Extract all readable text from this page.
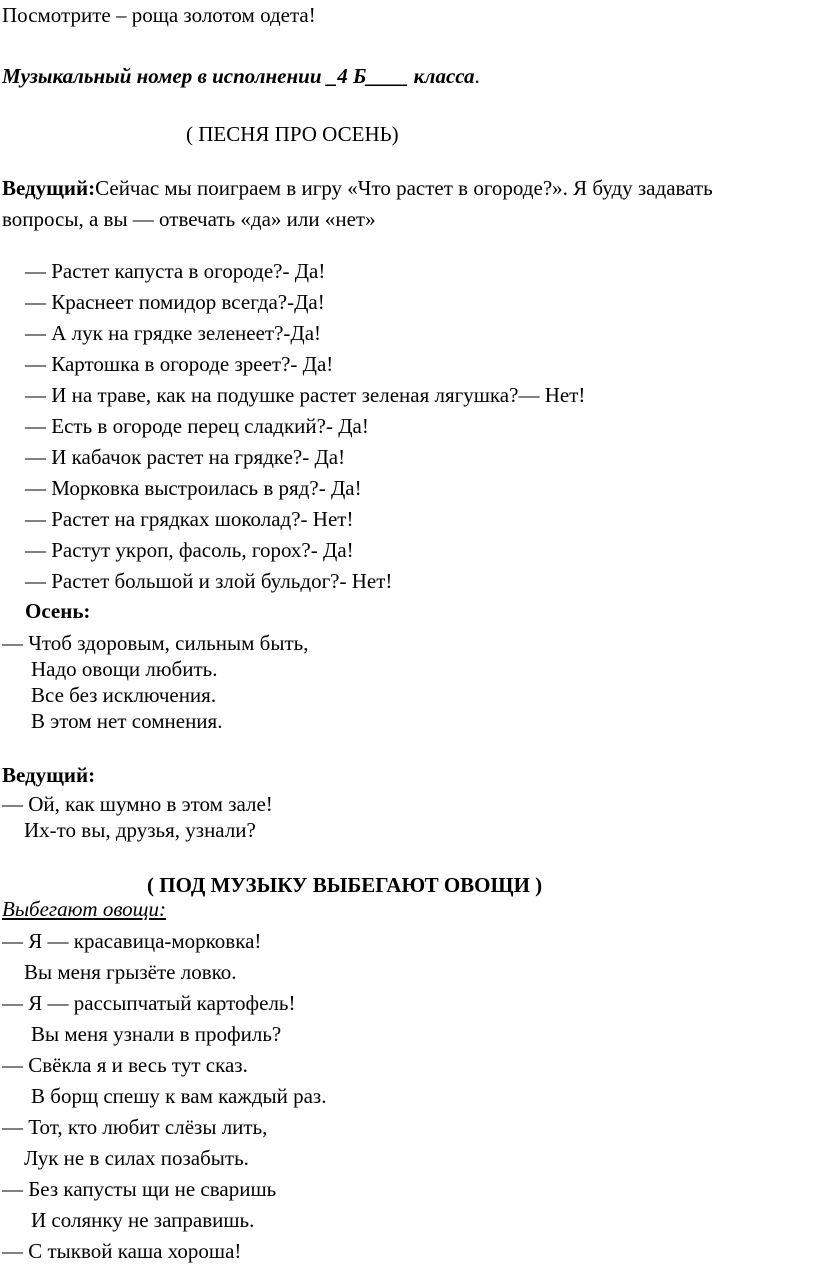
Посмотрите – роща золотом одета!

Музыкальный номер в исполнении _4 Б____ класса.

( ПЕСНЯ ПРО ОСЕНЬ)

Ведущий:Сейчас мы поиграем в игру «Что растет в огороде?». Я буду задавать

вопросы, а вы — отвечать «да» или «нет»

— Растет капуста в огороде?- Да!

— Краснеет помидор всегда?-Да!

— А лук на грядке зеленеет?-Да!

— Картошка в огороде зреет?- Да!

— И на траве, как на подушке растет зеленая лягушка?— Нет!

— Есть в огороде перец сладкий?- Да!

— И кабачок растет на грядке?- Да!

— Морковка выстроилась в ряд?- Да!

— Растет на грядках шоколад?- Нет!

— Растут укроп, фасоль, горох?- Да!

— Растет большой и злой бульдог?- Нет!

Осень:

— Чтоб здоровым, сильным быть,

Надо овощи любить.

Все без исключения.

В этом нет сомнения.

Ведущий:

— Ой, как шумно в этом зале!

Их-то вы, друзья, узнали?

( ПОД МУЗЫКУ ВЫБЕГАЮТ ОВОЩИ )

Выбегают овощи:

— Я — красавица-морковка!

Вы меня грызёте ловко.

— Я — рассыпчатый картофель!

Вы меня узнали в профиль?

— Свёкла я и весь тут сказ.

В борщ спешу к вам каждый раз.

— Тот, кто любит слёзы лить,

Лук не в силах позабыть.

— Без капусты щи не сваришь

И солянку не заправишь.

— С тыквой каша хороша!
